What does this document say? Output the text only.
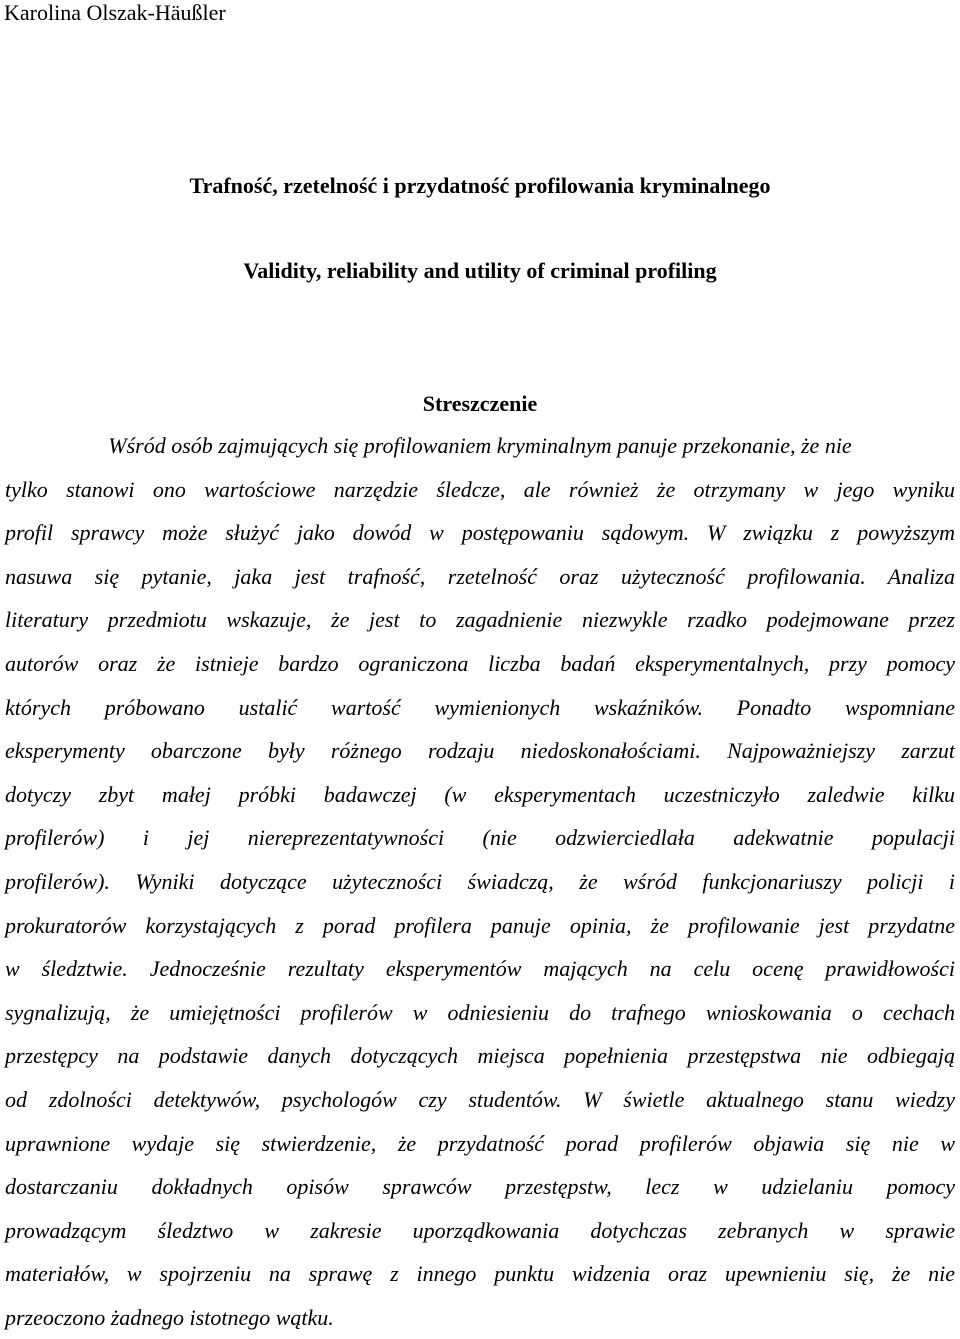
Karolina Olszak-Häußler
Trafność, rzetelność i przydatność profilowania kryminalnego
Validity, reliability and utility of criminal profiling
Streszczenie
Wśród osób zajmujących się profilowaniem kryminalnym panuje przekonanie, że nie
tylko stanowi ono wartościowe narzędzie śledcze, ale również że otrzymany w jego wyniku
profil sprawcy może służyć jako dowód w postępowaniu sądowym. W związku z powyższym
nasuwa się pytanie, jaka jest trafność, rzetelność oraz użyteczność profilowania. Analiza
literatury przedmiotu wskazuje, że jest to zagadnienie niezwykle rzadko podejmowane przez
autorów oraz że istnieje bardzo ograniczona liczba badań eksperymentalnych, przy pomocy
których próbowano ustalić wartość wymienionych wskaźników. Ponadto wspomniane
eksperymenty obarczone były różnego rodzaju niedoskonałościami. Najpoważniejszy zarzut
dotyczy zbyt małej próbki badawczej (w eksperymentach uczestniczyło zaledwie kilku
profilerów) i jej niereprezentatywności (nie odzwierciedlała adekwatnie populacji
profilerów). Wyniki dotyczące użyteczności świadczą, że wśród funkcjonariuszy policji i
prokuratorów korzystających z porad profilera panuje opinia, że profilowanie jest przydatne
w śledztwie. Jednocześnie rezultaty eksperymentów mających na celu ocenę prawidłowości
sygnalizują, że umiejętności profilerów w odniesieniu do trafnego wnioskowania o cechach
przestępcy na podstawie danych dotyczących miejsca popełnienia przestępstwa nie odbiegają
od zdolności detektywów, psychologów czy studentów. W świetle aktualnego stanu wiedzy
uprawnione wydaje się stwierdzenie, że przydatność porad profilerów objawia się nie w
dostarczaniu dokładnych opisów sprawców przestępstw, lecz w udzielaniu pomocy
prowadzącym śledztwo w zakresie uporządkowania dotychczas zebranych w sprawie
materiałów, w spojrzeniu na sprawę z innego punktu widzenia oraz upewnieniu się, że nie
przeoczono żadnego istotnego wątku.
